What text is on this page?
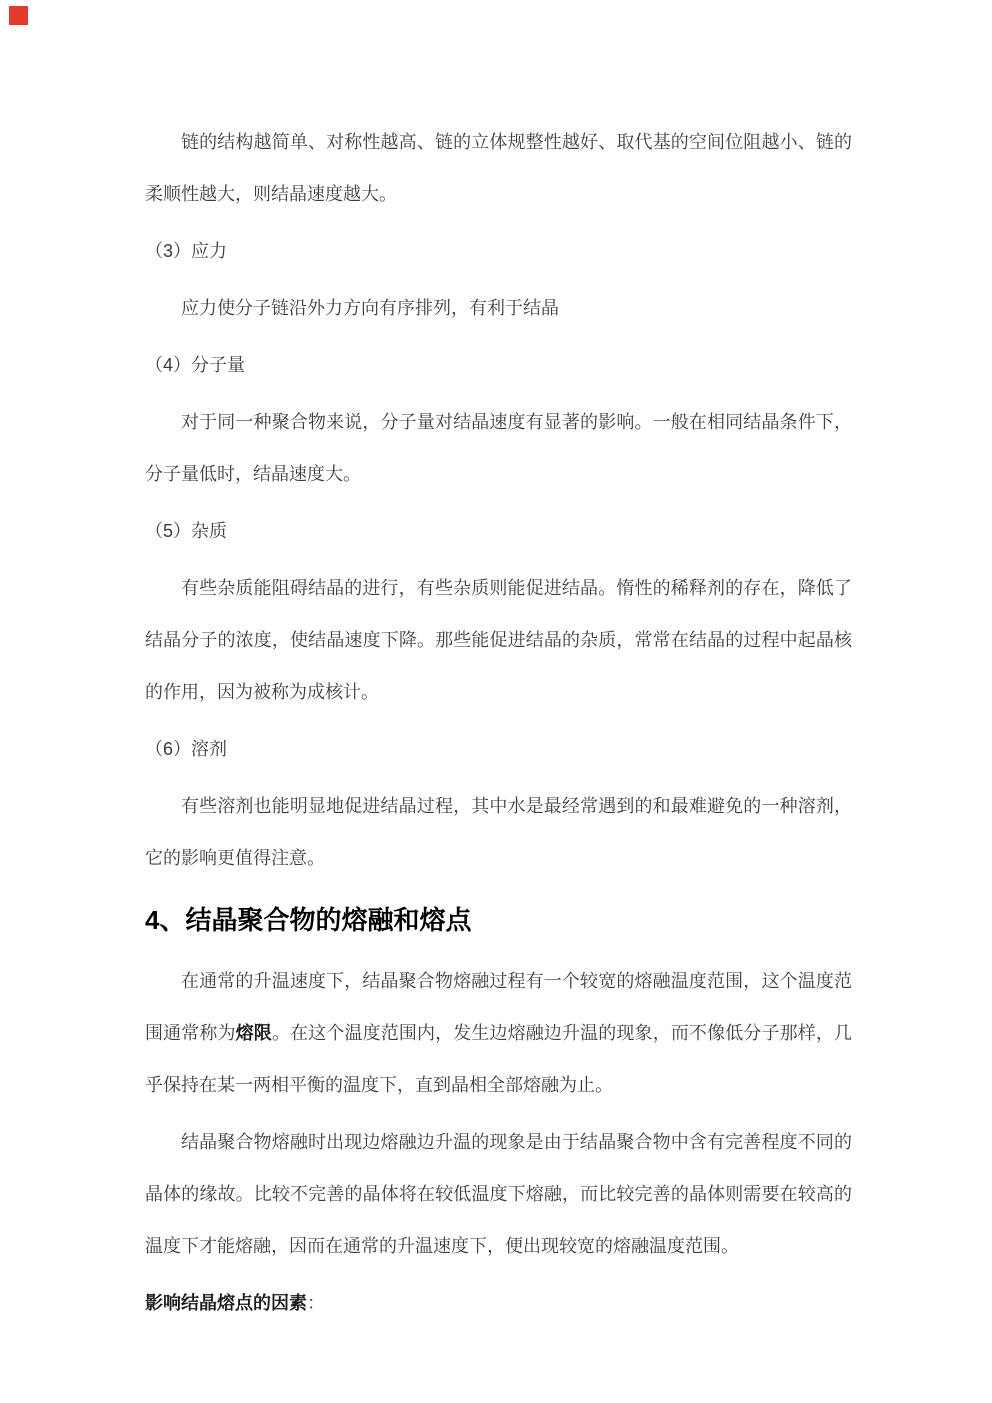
链的结构越简单、对称性越高、链的立体规整性越好、取代基的空间位阻越小、链的柔顺性越大，则结晶速度越大。

（3）应力

应力使分子链沿外力方向有序排列，有利于结晶

（4）分子量

对于同一种聚合物来说，分子量对结晶速度有显著的影响。一般在相同结晶条件下，分子量低时，结晶速度大。

（5）杂质

有些杂质能阻碍结晶的进行，有些杂质则能促进结晶。惰性的稀释剂的存在，降低了结晶分子的浓度，使结晶速度下降。那些能促进结晶的杂质，常常在结晶的过程中起晶核的作用，因为被称为成核计。

（6）溶剂

有些溶剂也能明显地促进结晶过程，其中水是最经常遇到的和最难避免的一种溶剂，它的影响更值得注意。

4、结晶聚合物的熔融和熔点

在通常的升温速度下，结晶聚合物熔融过程有一个较宽的熔融温度范围，这个温度范围通常称为熔限。在这个温度范围内，发生边熔融边升温的现象，而不像低分子那样，几乎保持在某一两相平衡的温度下，直到晶相全部熔融为止。

结晶聚合物熔融时出现边熔融边升温的现象是由于结晶聚合物中含有完善程度不同的晶体的缘故。比较不完善的晶体将在较低温度下熔融，而比较完善的晶体则需要在较高的温度下才能熔融，因而在通常的升温速度下，便出现较宽的熔融温度范围。

影响结晶熔点的因素：
